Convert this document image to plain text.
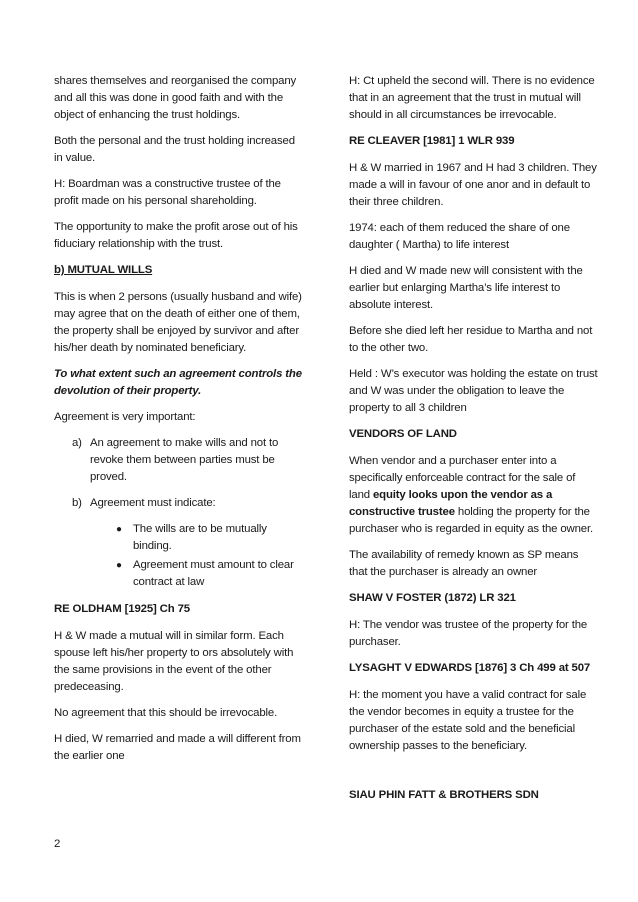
shares themselves and reorganised the company and all this was done in good faith and with the object of enhancing the trust holdings.

Both the personal and the trust holding increased in value.

H: Boardman was a constructive trustee of the profit made on his personal shareholding.

The opportunity to make the profit arose out of his fiduciary relationship with the trust.

b) MUTUAL WILLS

This is when 2 persons (usually husband and wife) may agree that on the death of either one of them, the property shall be enjoyed by survivor and after his/her death by nominated beneficiary.

To what extent such an agreement controls the devolution of their property.

Agreement is very important:

a) An agreement to make wills and not to revoke them between parties must be proved.
b) Agreement must indicate:
● The wills are to be mutually binding.
● Agreement must amount to clear contract at law

RE OLDHAM [1925] Ch 75

H & W made a mutual will in similar form. Each spouse left his/her property to ors absolutely with the same provisions in the event of the other predeceasing.

No agreement that this should be irrevocable.

H died, W remarried and made a will different from the earlier one

H: Ct upheld the second will. There is no evidence that in an agreement that the trust in mutual will should in all circumstances be irrevocable.

RE CLEAVER [1981] 1 WLR 939

H & W married in 1967 and H had 3 children. They made a will in favour of one anor and in default to their three children.

1974: each of them reduced the share of one daughter ( Martha) to life interest

H died and W made new will consistent with the earlier but enlarging Martha’s life interest to absolute interest.

Before she died left her residue to Martha and not to the other two.

Held : W’s executor was holding the estate on trust and W was under the obligation to leave the property to all 3 children

VENDORS OF LAND

When vendor and a purchaser enter into a specifically enforceable contract for the sale of land equity looks upon the vendor as a constructive trustee holding the property for the purchaser who is regarded in equity as the owner.

The availability of remedy known as SP means that the purchaser is already an owner

SHAW V FOSTER (1872) LR 321

H: The vendor was trustee of the property for the purchaser.

LYSAGHT V EDWARDS [1876] 3 Ch 499 at 507

H: the moment you have a valid contract for sale the vendor becomes in equity a trustee for the purchaser of the estate sold and the beneficial ownership passes to the beneficiary.

SIAU PHIN FATT & BROTHERS SDN

2
